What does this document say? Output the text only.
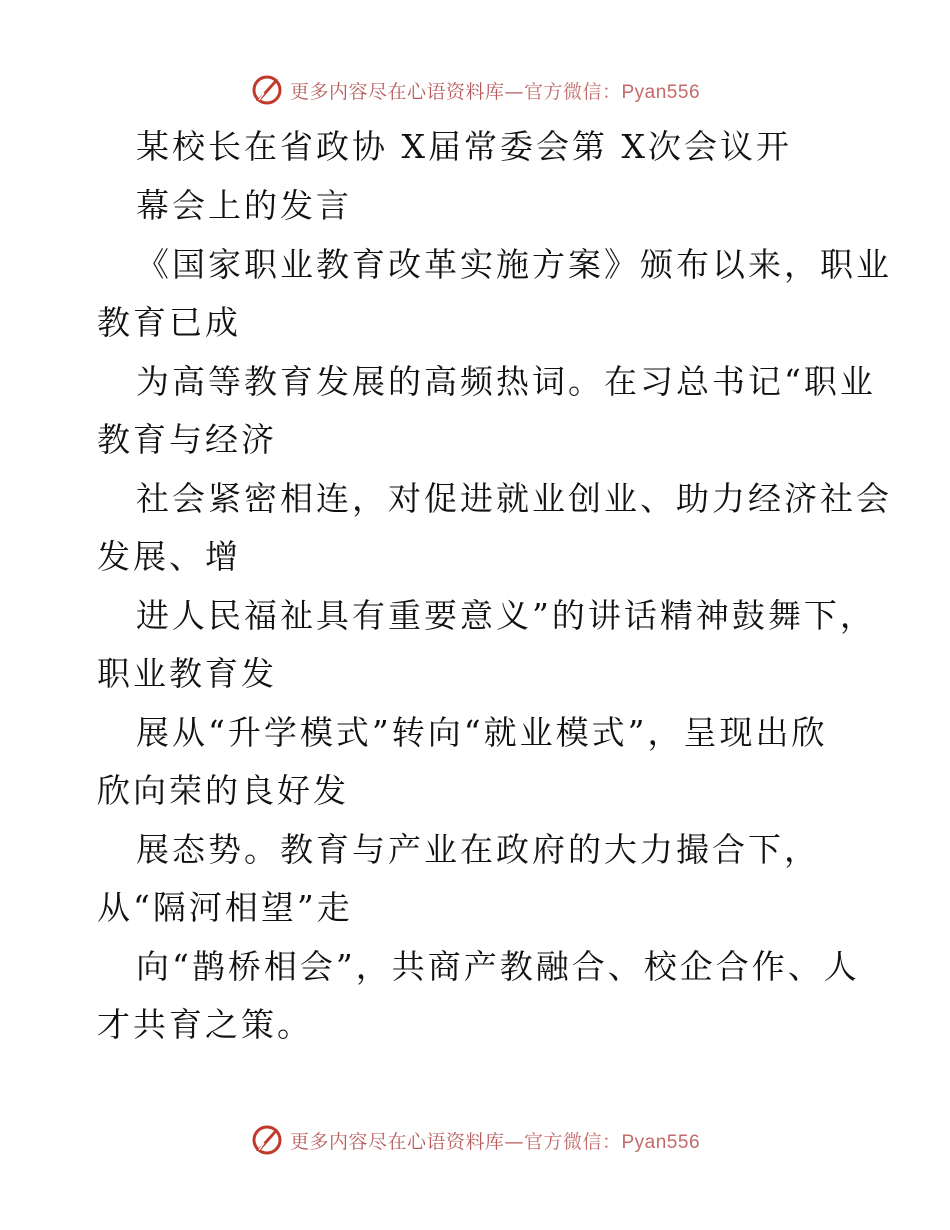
更多内容尽在心语资料库—官方微信：Pyan556
某校长在省政协 X届常委会第 X次会议开
幕会上的发言
《国家职业教育改革实施方案》颁布以来，职业
教育已成
为高等教育发展的高频热词。在习总书记“职业
教育与经济
社会紧密相连，对促进就业创业、助力经济社会
发展、增
进人民福祉具有重要意义”的讲话精神鼓舞下，
职业教育发
展从“升学模式”转向“就业模式”，呈现出欣
欣向荣的良好发
展态势。教育与产业在政府的大力撮合下，
从“隔河相望”走
向“鹊桥相会”，共商产教融合、校企合作、人
才共育之策。
更多内容尽在心语资料库—官方微信：Pyan556
